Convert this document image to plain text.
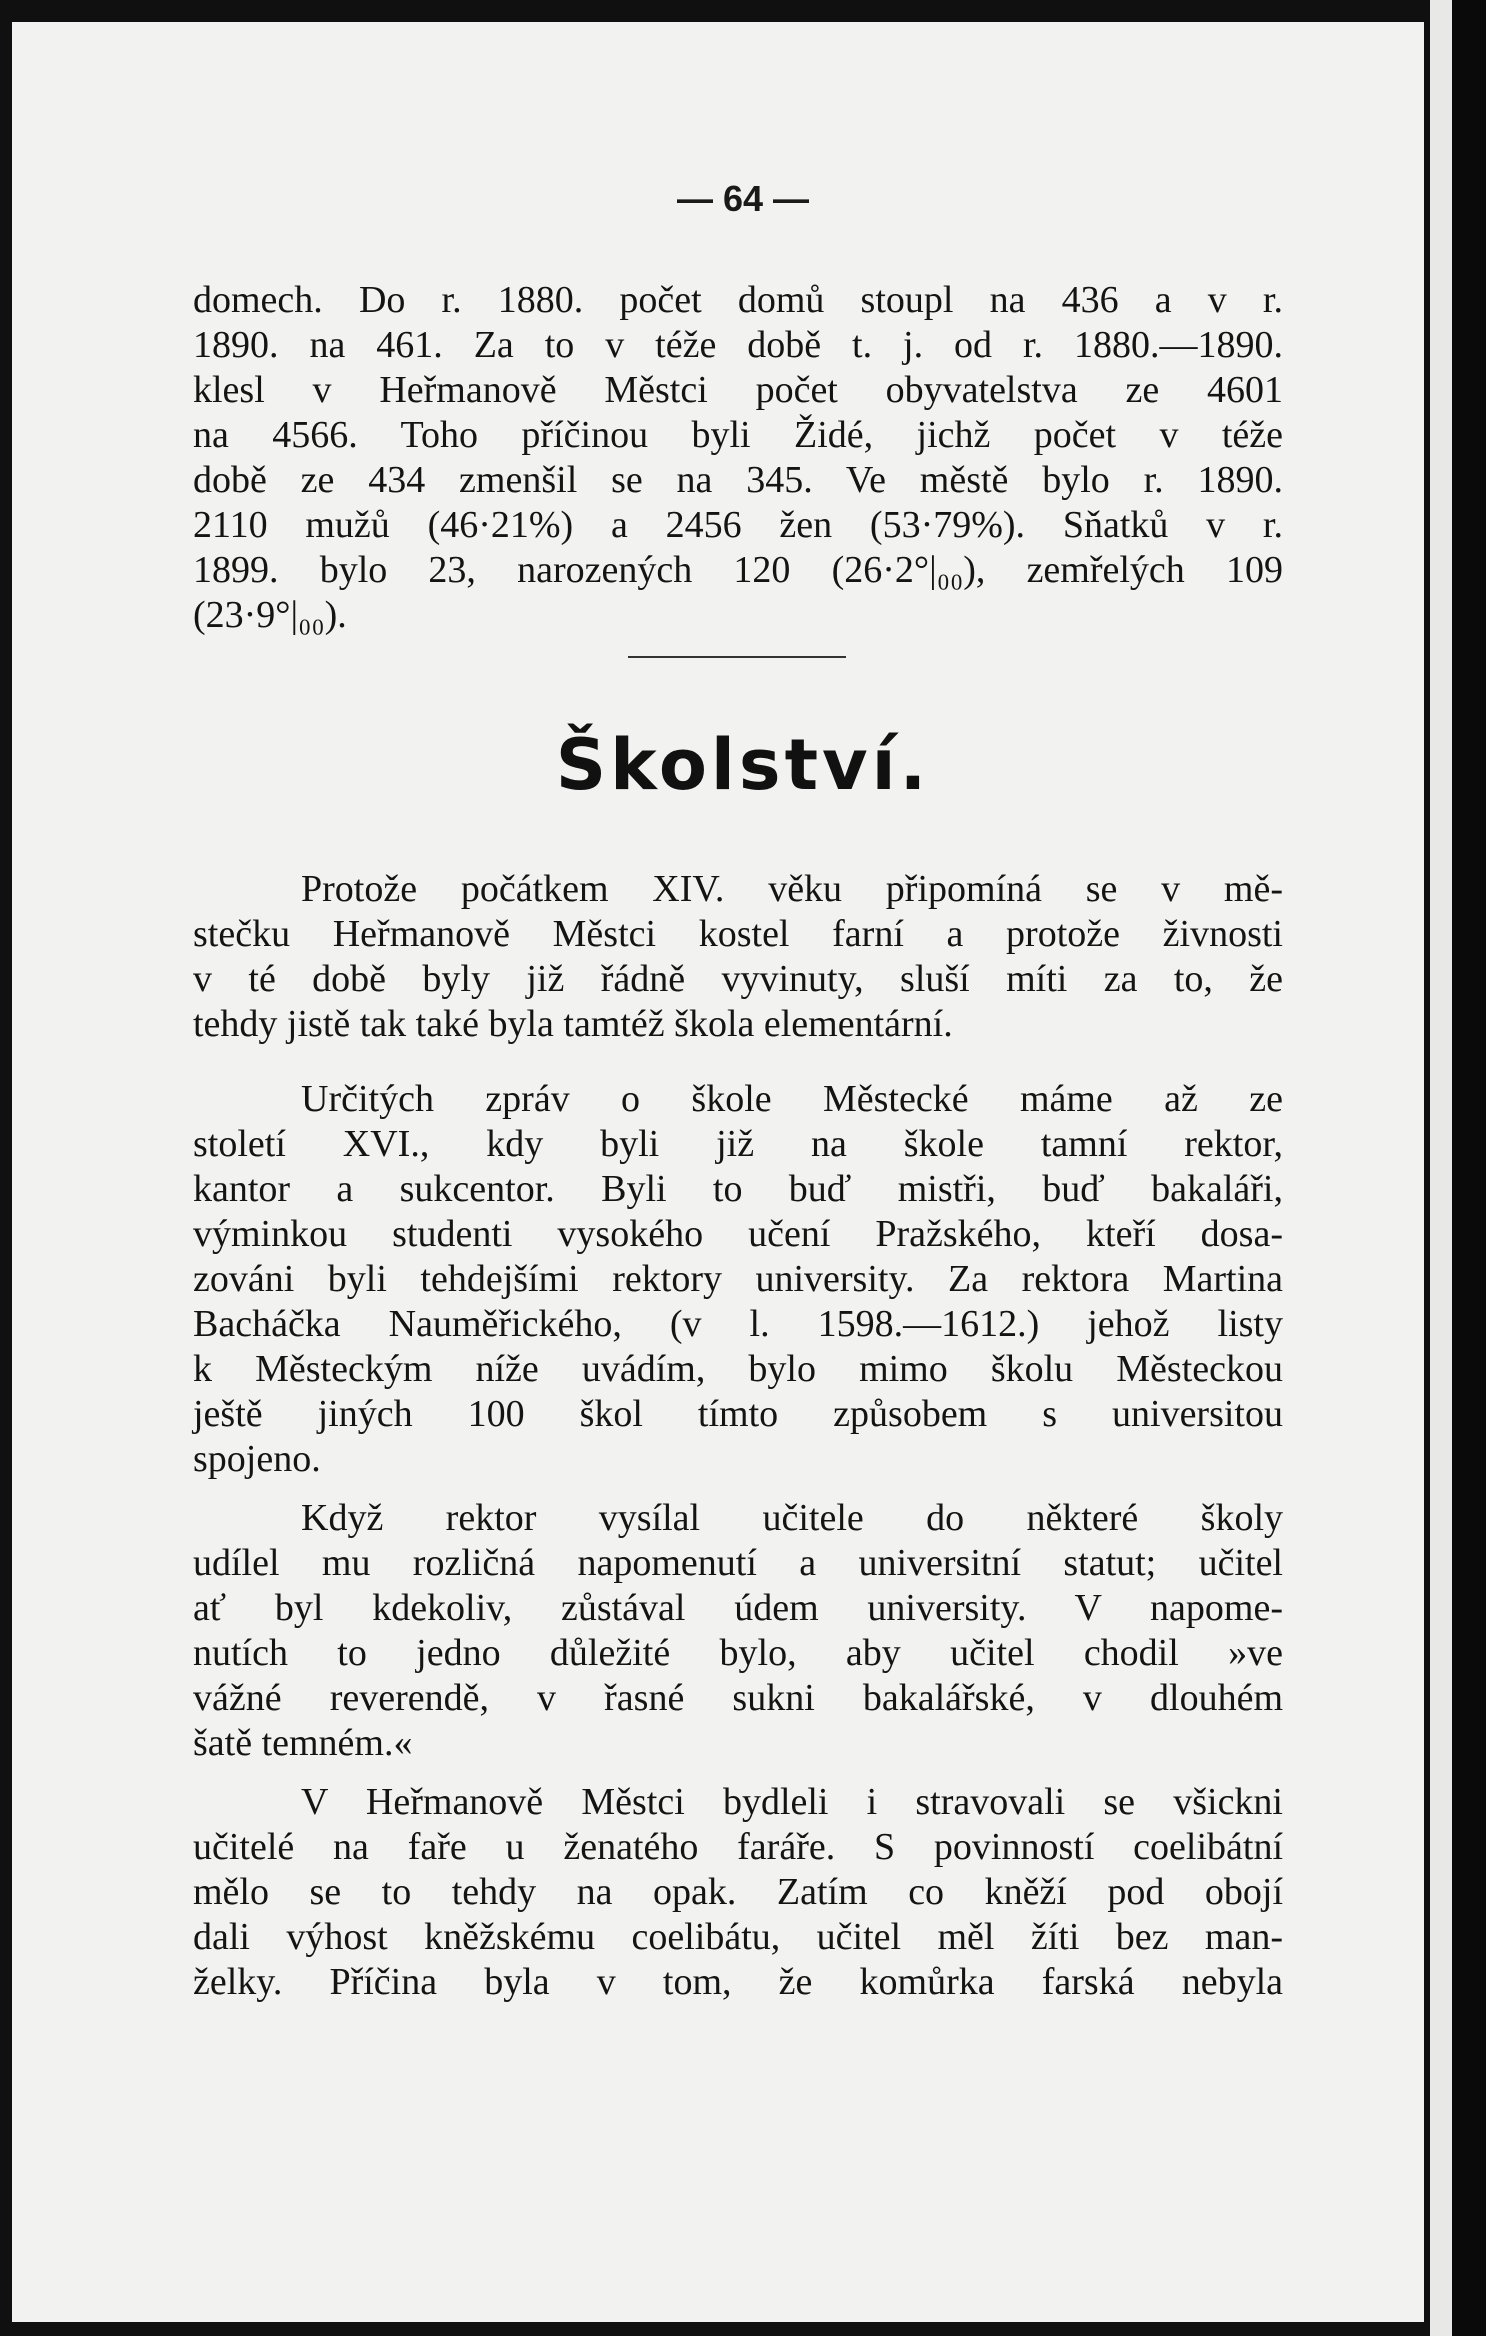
— 64 —
domech. Do r. 1880. počet domů stoupl na 436 a v r.
1890. na 461. Za to v téže době t. j. od r. 1880.—1890.
klesl v Heřmanově Městci počet obyvatelstva ze 4601
na 4566. Toho příčinou byli Židé, jichž počet v téže
době ze 434 zmenšil se na 345. Ve městě bylo r. 1890.
2110 mužů (46·21%) a 2456 žen (53·79%). Sňatků v r.
1899. bylo 23, narozených 120 (26·2°|₀₀), zemřelých 109
(23·9°|₀₀).
Školství.
Protože počátkem XIV. věku připomíná se v mě-
stečku Heřmanově Městci kostel farní a protože živnosti
v té době byly již řádně vyvinuty, sluší míti za to, že
tehdy jistě tak také byla tamtéž škola elementární.
Určitých zpráv o škole Městecké máme až ze
století XVI., kdy byli již na škole tamní rektor,
kantor a sukcentor. Byli to buď mistři, buď bakaláři,
výminkou studenti vysokého učení Pražského, kteří dosa-
zováni byli tehdejšími rektory university. Za rektora Martina
Bacháčka Nauměřického, (v l. 1598.—1612.) jehož listy
k Městeckým níže uvádím, bylo mimo školu Městeckou
ještě jiných 100 škol tímto způsobem s universitou
spojeno.
Když rektor vysílal učitele do některé školy
udílel mu rozličná napomenutí a universitní statut; učitel
ať byl kdekoliv, zůstával údem university. V napome-
nutích to jedno důležité bylo, aby učitel chodil »ve
vážné reverendě, v řasné sukni bakalářské, v dlouhém
šatě temném.«
V Heřmanově Městci bydleli i stravovali se všickni
učitelé na faře u ženatého faráře. S povinností coelibátní
mělo se to tehdy na opak. Zatím co kněží pod obojí
dali výhost kněžskému coelibátu, učitel měl žíti bez man-
želky. Příčina byla v tom, že komůrka farská nebyla
